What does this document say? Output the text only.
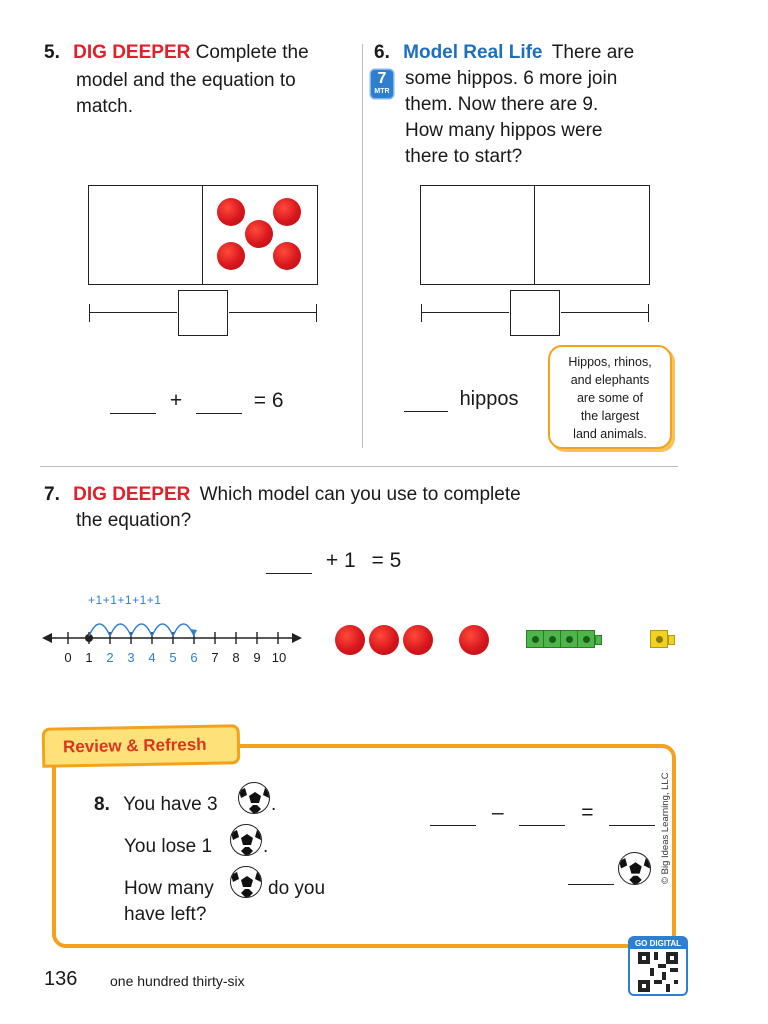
5. DIG DEEPER Complete the
model and the equation to
match.
+	= 6
6. Model Real Life There are
7
MTR
some hippos. 6 more join
them. Now there are 9.
How many hippos were
there to start?
hippos
Hippos, rhinos,
and elephants
are some of
the largest
land animals.
7. DIG DEEPER Which model can you use to complete
the equation?
+ 1 = 5
+1+1+1+1+1
0	1	2	3	4	5	6	7	8	9 10
Review & Refresh
8. You have 3	.
You lose 1	.
How many	do you
have left?
–	=
136 one hundred thirty-six
GO DIGITAL
© Big Ideas Learning, LLC
